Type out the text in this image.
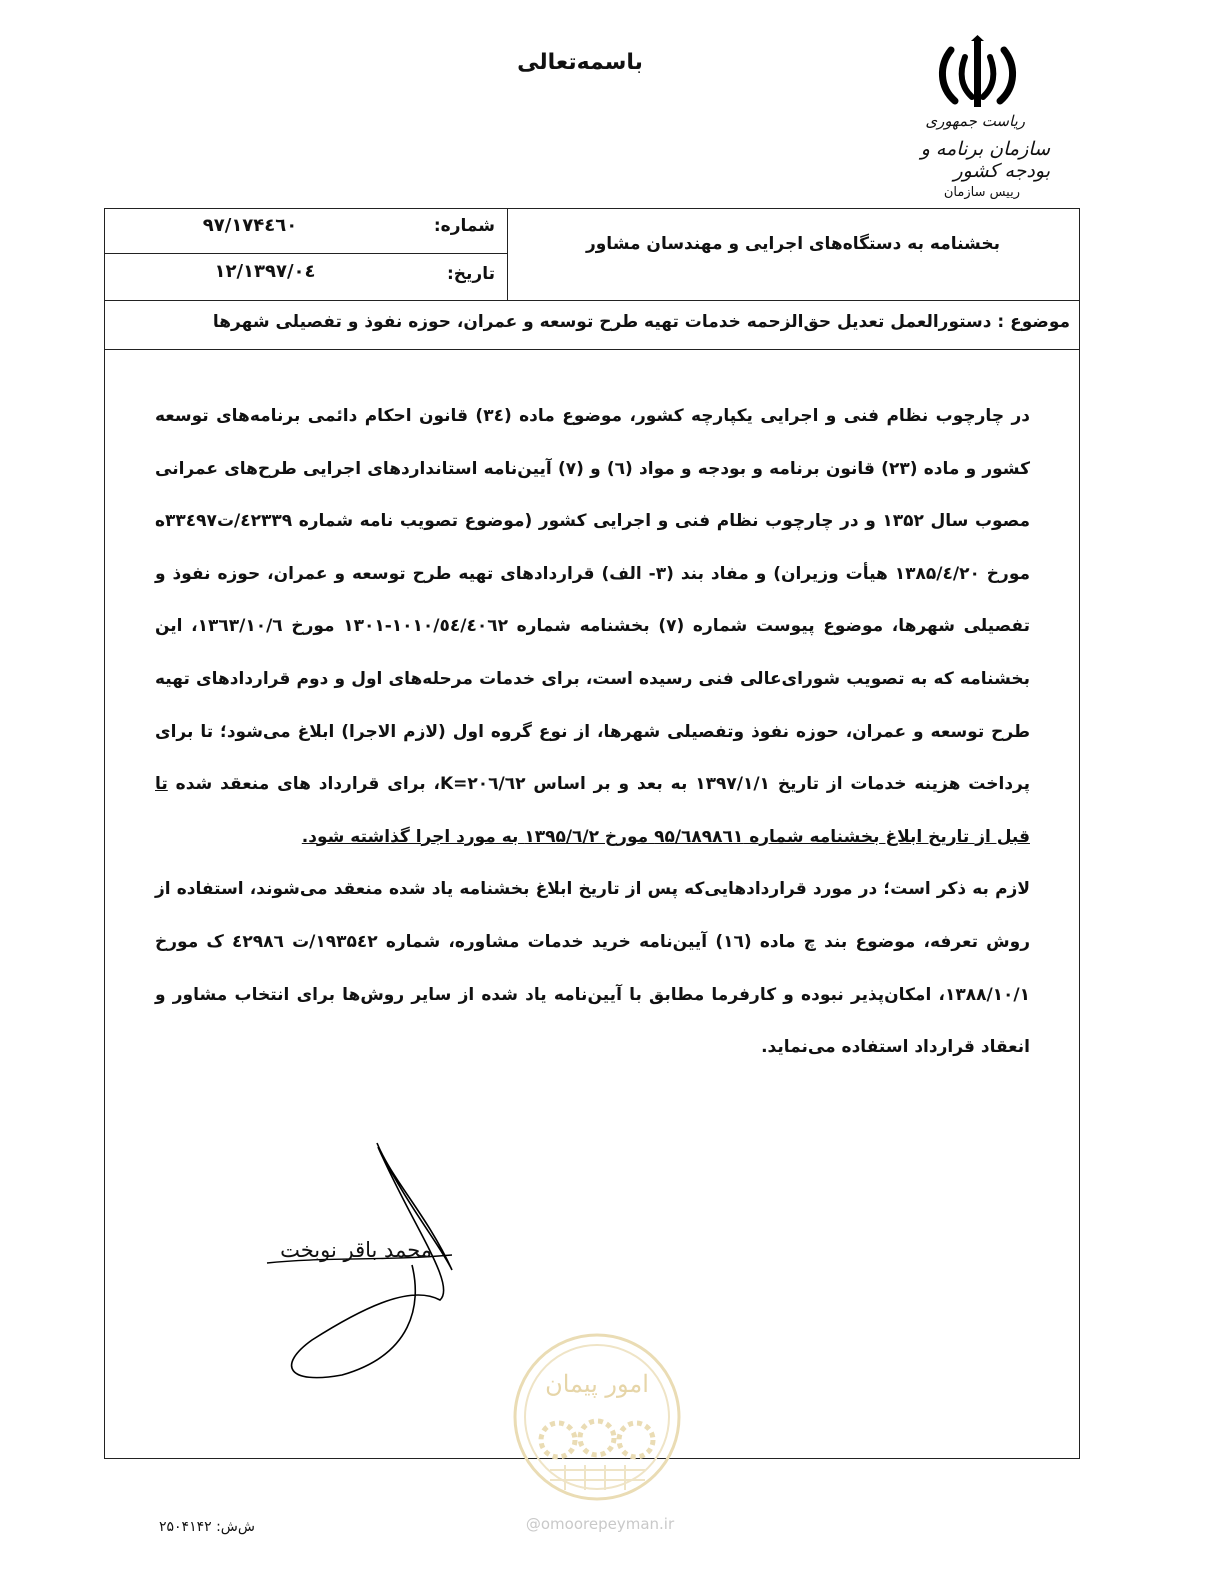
باسمه‌تعالی
ریاست جمهوری
سازمان برنامه و بودجه کشور
رییس سازمان
شماره:
۹۷/۱۷۴٤٦۰
تاریخ:
۱۳۹۷/۰٤/۱۲
بخشنامه به دستگاه‌های اجرایی و مهندسان مشاور
موضوع : دستورالعمل تعدیل حق‌الزحمه خدمات تهیه طرح توسعه و عمران، حوزه نفوذ و تفصیلی شهرها

در چارچوب نظام فنی و اجرایی یکپارچه کشور، موضوع ماده (۳٤) قانون احکام دائمی برنامه‌های توسعه کشور و ماده (۲۳) قانون برنامه و بودجه و مواد (٦) و (۷) آیین‌نامه استانداردهای اجرایی طرح‌های عمرانی مصوب سال ۱۳۵۲ و در چارچوب نظام فنی و اجرایی کشور (موضوع تصویب نامه شماره ٤۲۳۳۹/ت۳۳٤۹۷ه مورخ ۱۳۸۵/٤/۲۰ هیأت وزیران) و مفاد بند (۳- الف) قراردادهای تهیه طرح توسعه و عمران، حوزه نفوذ و تفصیلی شهرها، موضوع پیوست شماره (۷) بخشنامه شماره ۱۰۱۰/٥٤/٤٠٦۲-۱۳۰۱ مورخ ۱۳٦۳/۱۰/٦، این بخشنامه که به تصویب شورای‌عالی فنی رسیده است، برای خدمات مرحله‌های اول و دوم قراردادهای تهیه طرح توسعه و عمران، حوزه نفوذ وتفصیلی شهرها، از نوع گروه اول (لازم الاجرا) ابلاغ می‌شود؛ تا برای پرداخت هزینه خدمات از تاریخ ۱۳۹۷/۱/۱ به بعد و بر اساس K=۲۰٦/٦۲، برای قرارداد های منعقد شده تا قبل از تاریخ ابلاغ بخشنامه شماره ۹۵/٦۸۹۸٦۱ مورخ ۱۳۹۵/٦/۲ به مورد اجرا گذاشته شود.

لازم به ذکر است؛ در مورد قراردادهایی‌که پس از تاریخ ابلاغ بخشنامه یاد شده منعقد می‌شوند، استفاده از روش تعرفه، موضوع بند چ ماده (۱٦) آیین‌نامه خرید خدمات مشاوره، شماره ۱۹۳۵٤۲/ت ٤۲۹۸٦ ک مورخ ۱۳۸۸/۱۰/۱، امکان‌پذیر نبوده و کارفرما مطابق با آیین‌نامه یاد شده از سایر روش‌ها برای انتخاب مشاور و انعقاد قرارداد استفاده می‌نماید.

محمد باقر نوبخت
امور پیمان
@omoorepeyman.ir
ش‌ش: ۲۵۰۴۱۴۲
